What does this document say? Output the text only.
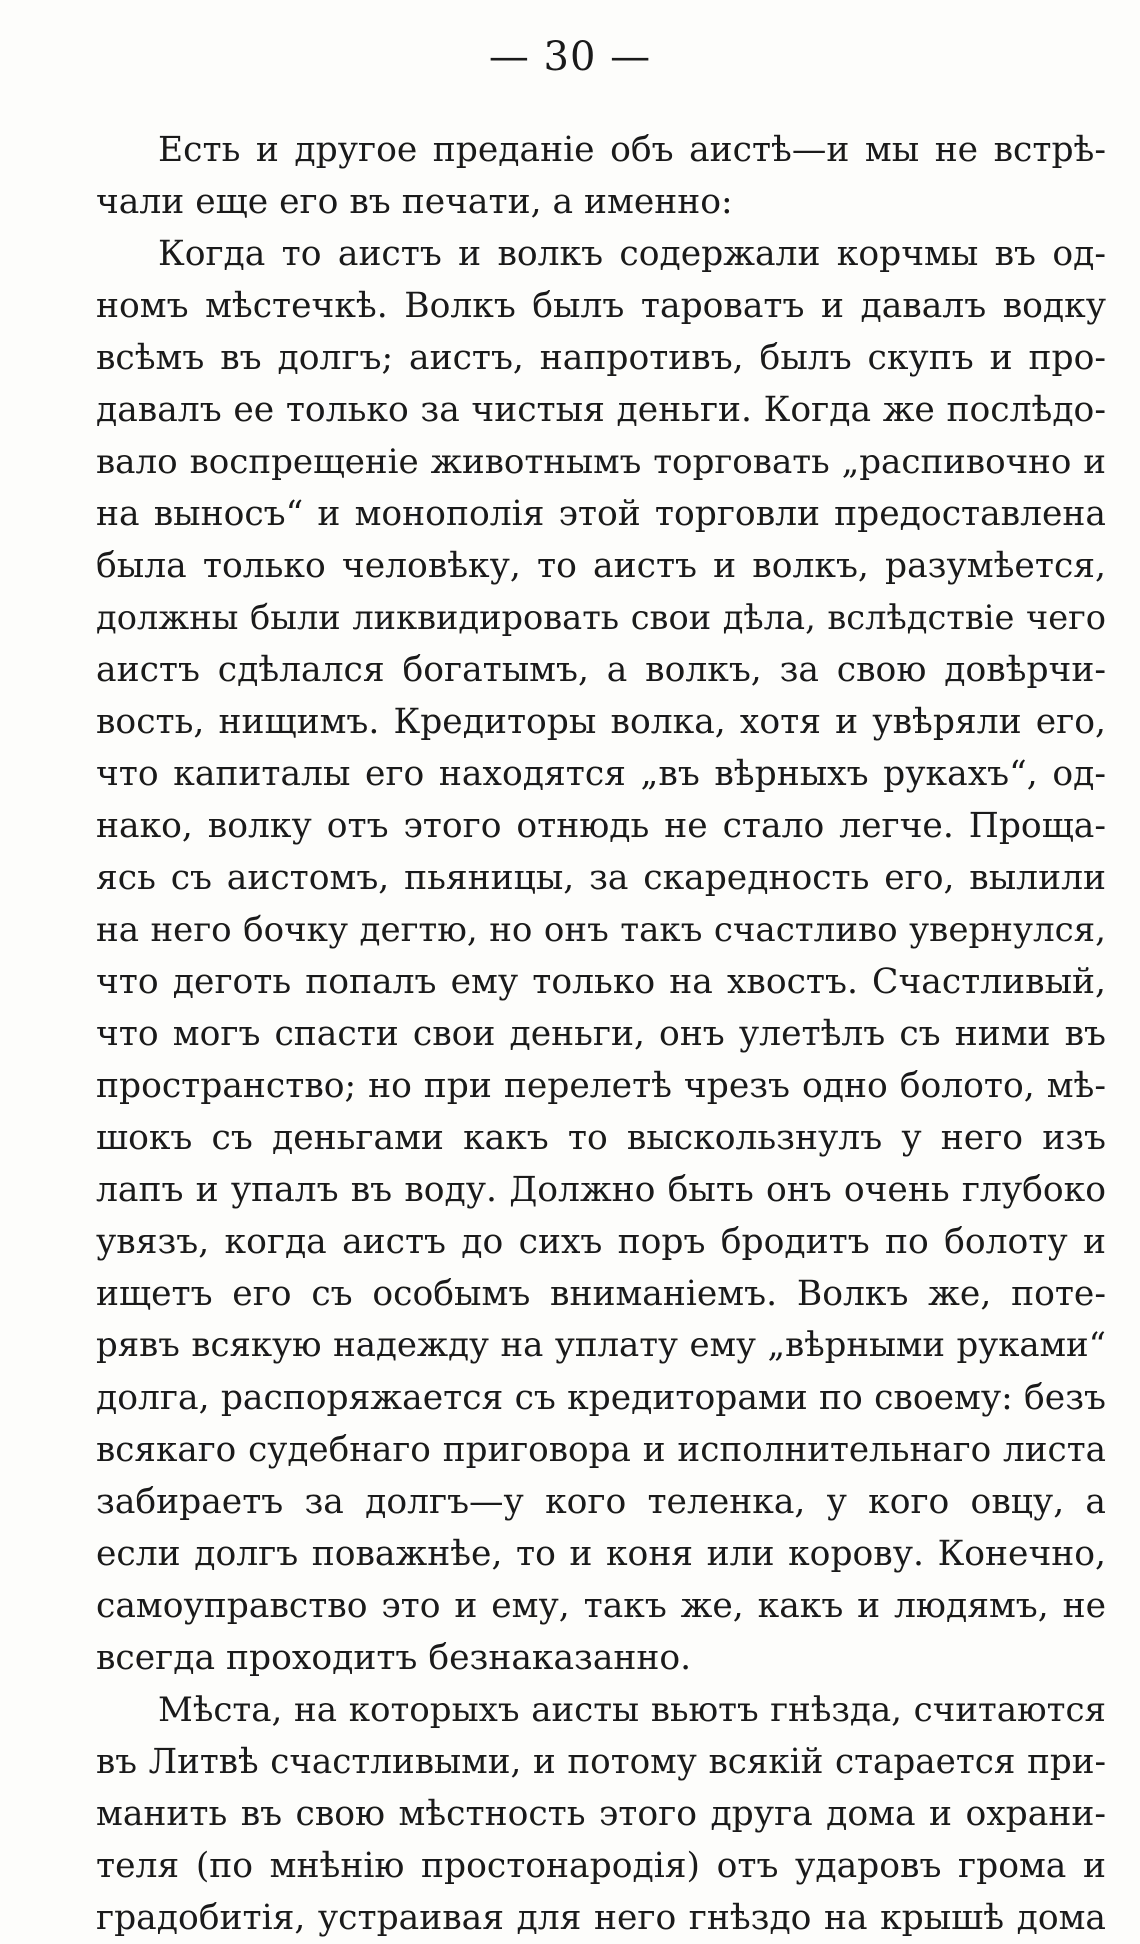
— 30 —
Есть и другое преданіе объ аистѣ—и мы не встрѣ-
чали еще его въ печати, а именно:
Когда то аистъ и волкъ содержали корчмы въ од-
номъ мѣстечкѣ. Волкъ былъ тароватъ и давалъ водку
всѣмъ въ долгъ; аистъ, напротивъ, былъ скупъ и про-
давалъ ее только за чистыя деньги. Когда же послѣдо-
вало воспрещеніе животнымъ торговать „распивочно и
на выносъ“ и монополія этой торговли предоставлена
была только человѣку, то аистъ и волкъ, разумѣется,
должны были ликвидировать свои дѣла, вслѣдствіе чего
аистъ сдѣлался богатымъ, а волкъ, за свою довѣрчи-
вость, нищимъ. Кредиторы волка, хотя и увѣряли его,
что капиталы его находятся „въ вѣрныхъ рукахъ“, од-
нако, волку отъ этого отнюдь не стало легче. Проща-
ясь съ аистомъ, пьяницы, за скаредность его, вылили
на него бочку дегтю, но онъ такъ счастливо увернулся,
что деготь попалъ ему только на хвостъ. Счастливый,
что могъ спасти свои деньги, онъ улетѣлъ съ ними въ
пространство; но при перелетѣ чрезъ одно болото, мѣ-
шокъ съ деньгами какъ то выскользнулъ у него изъ
лапъ и упалъ въ воду. Должно быть онъ очень глубоко
увязъ, когда аистъ до сихъ поръ бродитъ по болоту и
ищетъ его съ особымъ вниманіемъ. Волкъ же, поте-
рявъ всякую надежду на уплату ему „вѣрными руками“
долга, распоряжается съ кредиторами по своему: безъ
всякаго судебнаго приговора и исполнительнаго листа
забираетъ за долгъ—у кого теленка, у кого овцу, а
если долгъ поважнѣе, то и коня или корову. Конечно,
самоуправство это и ему, такъ же, какъ и людямъ, не
всегда проходитъ безнаказанно.
Мѣста, на которыхъ аисты вьютъ гнѣзда, считаются
въ Литвѣ счастливыми, и потому всякій старается при-
манить въ свою мѣстность этого друга дома и охрани-
теля (по мнѣнію простонародія) отъ ударовъ грома и
градобитія, устраивая для него гнѣздо на крышѣ дома
